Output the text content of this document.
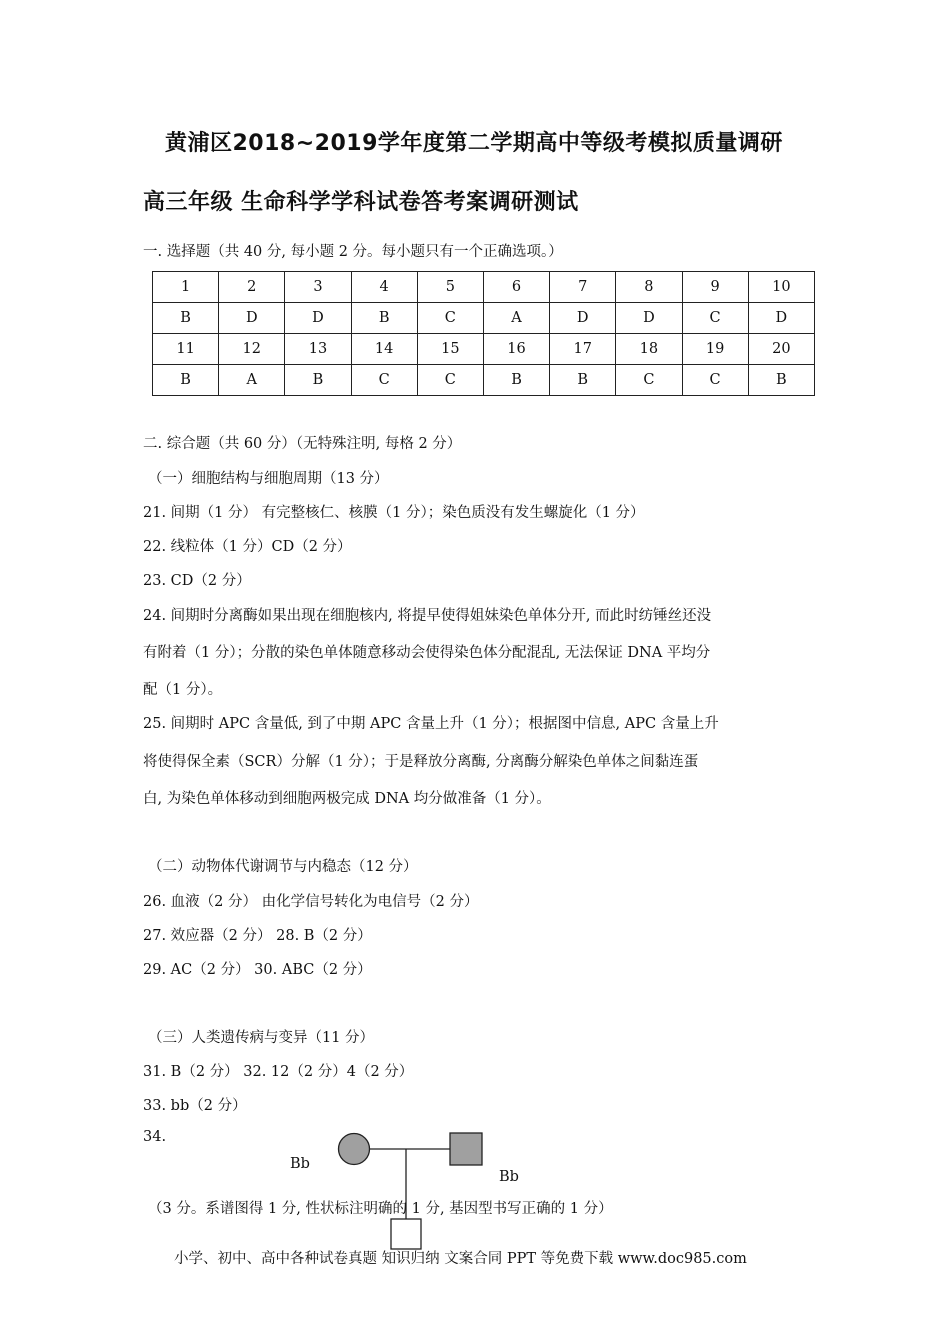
黄浦区2018~2019学年度第二学期高中等级考模拟质量调研
高三年级 生命科学学科试卷答考案调研测试
一. 选择题（共 40 分, 每小题 2 分。每小题只有一个正确选项。）
1	2	3	4	5	6	7	8	9	10
B	D	D	B	C	A	D	D	C	D
11	12	13	14	15	16	17	18	19	20
B	A	B	C	C	B	B	C	C	B
二. 综合题（共 60 分）（无特殊注明, 每格 2 分）
（一）细胞结构与细胞周期（13 分）
21. 间期（1 分） 有完整核仁、核膜（1 分）；染色质没有发生螺旋化（1 分）
22. 线粒体（1 分）CD（2 分）
23. CD（2 分）
24. 间期时分离酶如果出现在细胞核内, 将提早使得姐妹染色单体分开, 而此时纺锤丝还没
有附着（1 分）；分散的染色单体随意移动会使得染色体分配混乱, 无法保证 DNA 平均分
配（1 分）。
25. 间期时 APC 含量低, 到了中期 APC 含量上升（1 分）；根据图中信息, APC 含量上升
将使得保全素（SCR）分解（1 分）；于是释放分离酶, 分离酶分解染色单体之间黏连蛋
白, 为染色单体移动到细胞两极完成 DNA 均分做准备（1 分）。
（二）动物体代谢调节与内稳态（12 分）
26. 血液（2 分） 由化学信号转化为电信号（2 分）
27. 效应器（2 分） 28. B（2 分）
29. AC（2 分） 30. ABC（2 分）
（三）人类遗传病与变异（11 分）
31. B（2 分） 32. 12（2 分）4（2 分）
33. bb（2 分）
34.
Bb
Bb
（3 分。系谱图得 1 分, 性状标注明确的 1 分, 基因型书写正确的 1 分）
小学、初中、高中各种试卷真题 知识归纳 文案合同 PPT 等免费下载 www.doc985.com
